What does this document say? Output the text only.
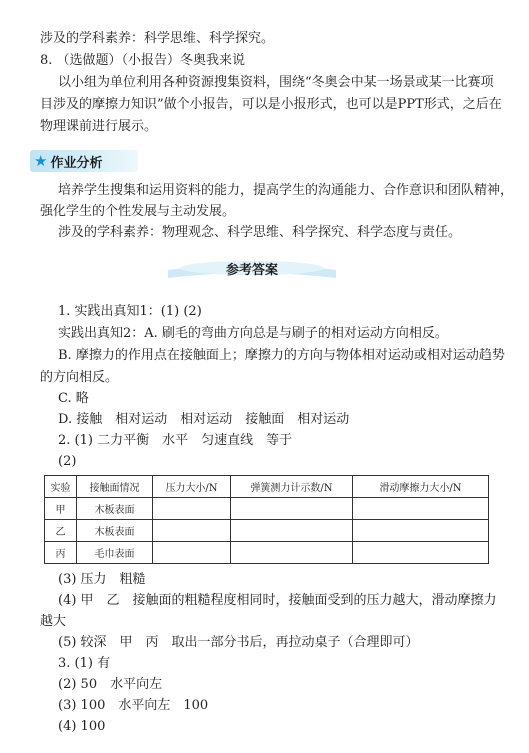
涉及的学科素养：科学思维、科学探究。
8. （选做题）（小报告）冬奥我来说
以小组为单位利用各种资源搜集资料，围绕“冬奥会中某一场景或某一比赛项
目涉及的摩擦力知识”做个小报告，可以是小报形式，也可以是PPT形式，之后在
物理课前进行展示。
★ 作业分析
培养学生搜集和运用资料的能力，提高学生的沟通能力、合作意识和团队精神，
强化学生的个性发展与主动发展。
涉及的学科素养：物理观念、科学思维、科学探究、科学态度与责任。
参考答案
1. 实践出真知1：(1) (2)
实践出真知2：A. 刷毛的弯曲方向总是与刷子的相对运动方向相反。
B. 摩擦力的作用点在接触面上；摩擦力的方向与物体相对运动或相对运动趋势
的方向相反。
C. 略
D. 接触　相对运动　相对运动　接触面　相对运动
2. (1) 二力平衡　水平　匀速直线　等于
(2)
实验	接触面情况	压力大小/N	弹簧测力计示数/N	滑动摩擦力大小/N
甲	木板表面			
乙	木板表面			
丙	毛巾表面			
(3) 压力　粗糙
(4) 甲　乙　接触面的粗糙程度相同时，接触面受到的压力越大，滑动摩擦力
越大
(5) 较深　甲　丙　取出一部分书后，再拉动桌子（合理即可）
3. (1) 有
(2) 50　水平向左
(3) 100　水平向左　100
(4) 100
